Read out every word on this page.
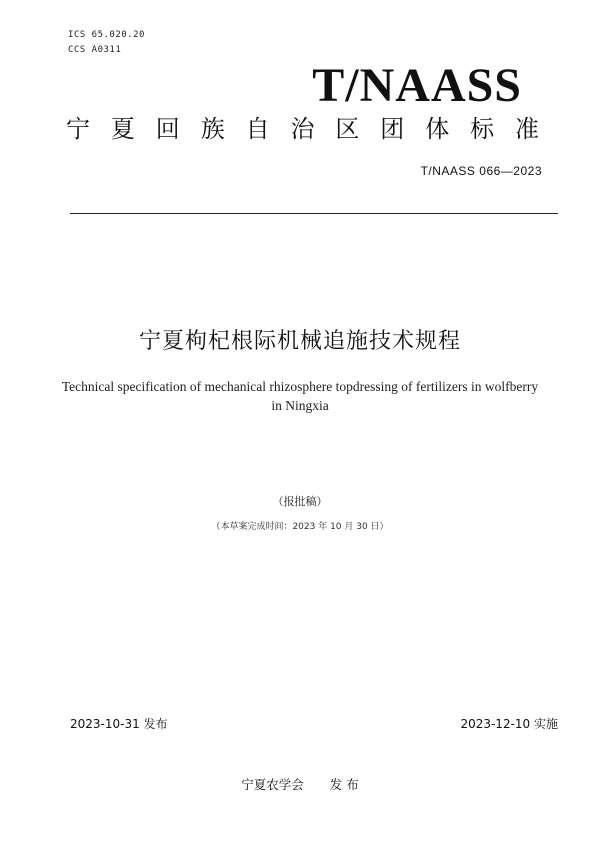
ICS 65.020.20
CCS A0311
T/NAASS
宁夏回族自治区团体标准
T/NAASS 066—2023
宁夏枸杞根际机械追施技术规程
Technical specification of mechanical rhizosphere topdressing of fertilizers in wolfberry in Ningxia
（报批稿）
（本草案完成时间：2023 年 10 月 30 日）
2023-10-31 发布	2023-12-10 实施
宁夏农学会 发 布
